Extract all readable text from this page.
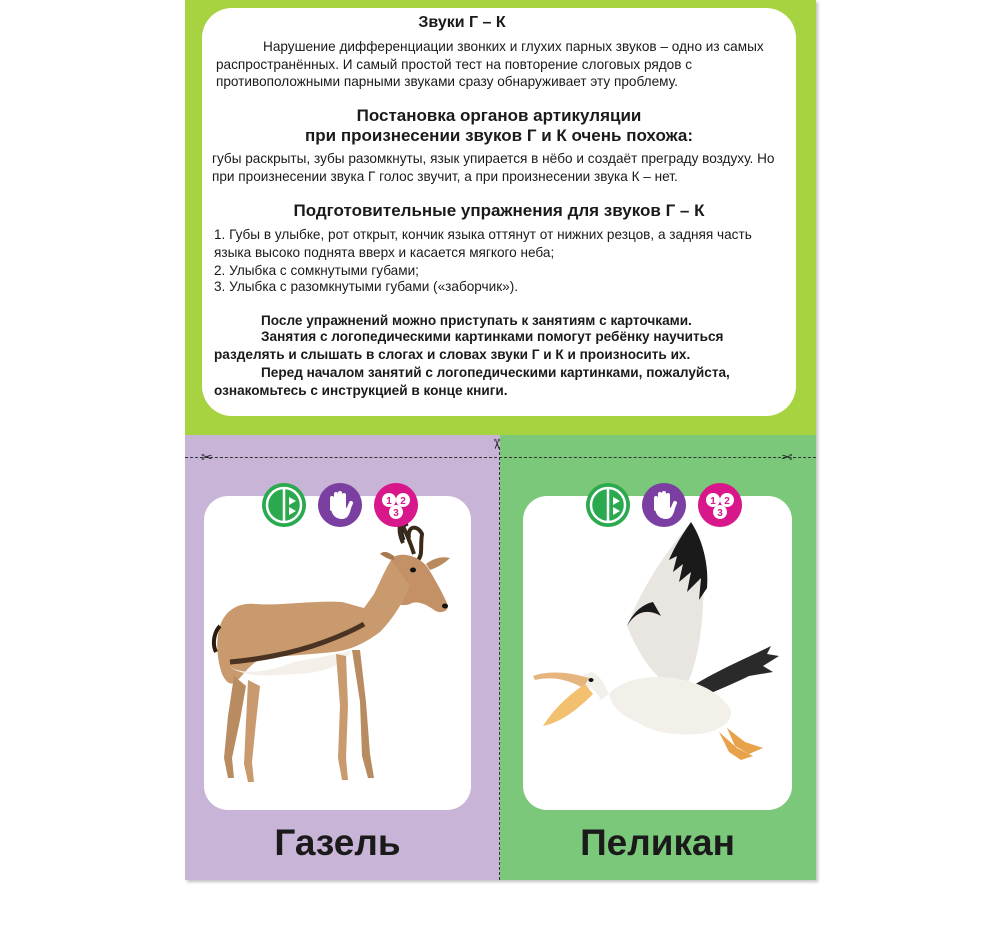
Звуки Г – К
Нарушение дифференциации звонких и глухих парных звуков – одно из самых распространённых. И самый простой тест на повторение слоговых рядов с противоположными парными звуками сразу обнаруживает эту проблему.
Постановка органов артикуляции
при произнесении звуков Г и К очень похожа:
губы раскрыты, зубы разомкнуты, язык упирается в нёбо и создаёт преграду воздуху. Но при произнесении звука Г голос звучит, а при произнесении звука К – нет.
Подготовительные упражнения для звуков Г – К
1. Губы в улыбке, рот открыт, кончик языка оттянут от нижних резцов, а задняя часть языка высоко поднята вверх и касается мягкого неба;
2. Улыбка с сомкнутыми губами;
3. Улыбка с разомкнутыми губами («заборчик»).
После упражнений можно приступать к занятиям с карточками.
Занятия с логопедическими картинками помогут ребёнку научиться разделять и слышать в слогах и словах звуки Г и К и произносить их.
Перед началом занятий с логопедическими картинками, пожалуйста, ознакомьтесь с инструкцией в конце книги.
✂
✂
✂
1 2
3
Газель
1 2
3
Пеликан
